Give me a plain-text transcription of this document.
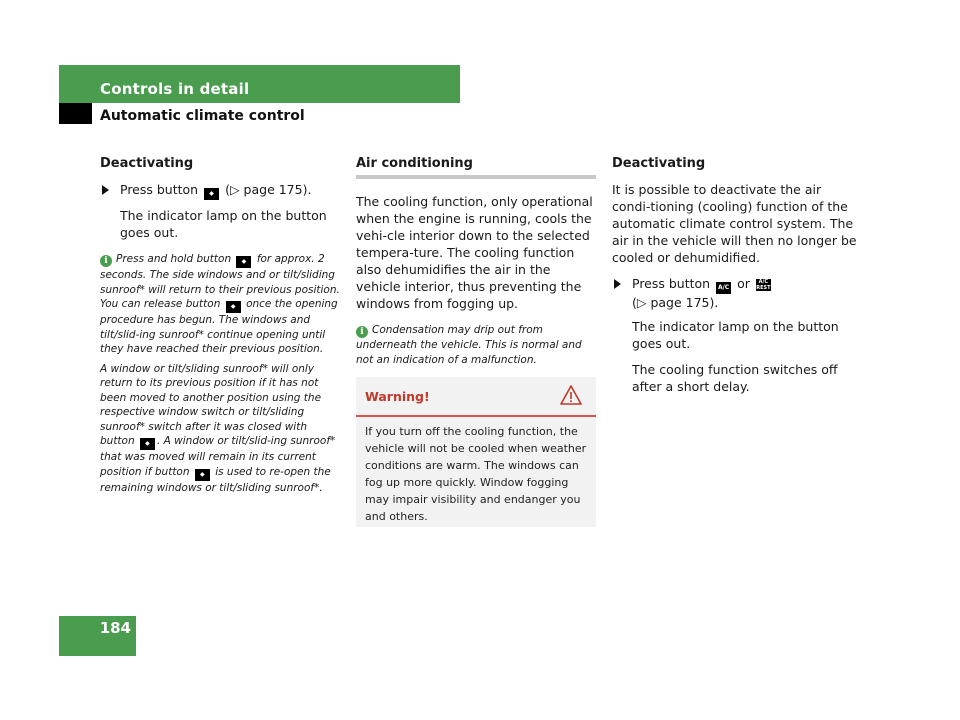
Controls in detail
Automatic climate control
Deactivating
Press button ◆ (▷ page 175).

The indicator lamp on the button goes out.

i Press and hold button ◆ for approx. 2 seconds. The side windows and or tilt/sliding sunroof* will return to their previous position. You can release button ◆ once the opening procedure has begun. The windows and tilt/slid-ing sunroof* continue opening until they have reached their previous position.

A window or tilt/sliding sunroof* will only return to its previous position if it has not been moved to another position using the respective window switch or tilt/sliding sunroof* switch after it was closed with button ◆ . A window or tilt/slid-ing sunroof* that was moved will remain in its current position if button ◆ is used to re-open the remaining windows or tilt/sliding sunroof*.

Air conditioning

The cooling function, only operational when the engine is running, cools the vehi-cle interior down to the selected tempera-ture. The cooling function also dehumidifies the air in the vehicle interior, thus preventing the windows from fogging up.

i Condensation may drip out from underneath the vehicle. This is normal and not an indication of a malfunction.

Warning!
If you turn off the cooling function, the vehicle will not be cooled when weather conditions are warm. The windows can fog up more quickly. Window fogging may impair visibility and endanger you and others.
Deactivating

It is possible to deactivate the air condi-tioning (cooling) function of the automatic climate control system. The air in the vehicle will then no longer be cooled or dehumidified.

Press button A/C or A/C
REST
(▷ page 175).

The indicator lamp on the button goes out.

The cooling function switches off after a short delay.

184
